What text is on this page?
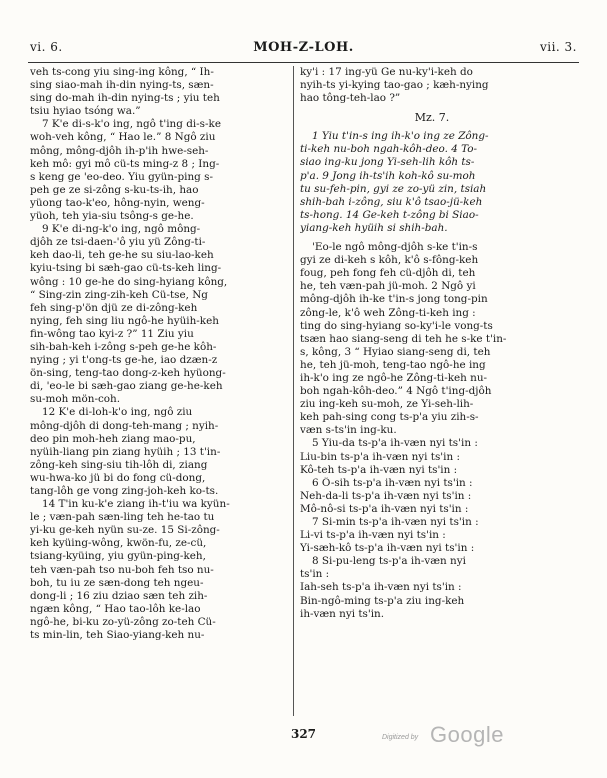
vi. 6.	MOH-Z-LOH.	vii. 3.
veh ts-cong yiu sing-ing kông, “ Ih-
sing siao-mah ih-din nying-ts, sæn-
sing do-mah ih-din nying-ts ; yiu teh
tsiu hyiao tsóng wa.”
7 K'e di-s-k'o ing, ngô t'ing di-s-ke
woh-veh kông, “ Hao le.” 8 Ngô ziu
mông, mông-djôh ih-p'ih hwe-seh-
keh mô: gyi mô cü-ts ming-z 8 ; Ing-
s keng ge 'eo-deo. Yiu gyün-ping s-
peh ge ze si-zông s-ku-ts-ih, hao
yüong tao-k'eo, hông-nyin, weng-
yüoh, teh yia-siu tsông-s ge-he.
9 K'e di-ng-k'o ing, ngô mông-
djôh ze tsi-daen-'ô yiu yü Zông-ti-
keh dao-li, teh ge-he su siu-lao-keh
kyiu-tsing bi sæh-gao cü-ts-keh ling-
wông : 10 ge-he do sing-hyiang kông,
“ Sing-zin zing-zih-keh Cü-tse, Ng
feh sing-p'ön djü ze di-zông-keh
nying, feh sing liu ngô-he hyüih-keh
fin-wông tao kyi-z ?” 11 Ziu yiu
sih-bah-keh i-zông s-peh ge-he kôh-
nying ; yi t'ong-ts ge-he, iao dzæn-z
ön-sing, teng-tao dong-z-keh hyüong-
di, 'eo-le bi sæh-gao ziang ge-he-keh
su-moh mön-coh.
12 K'e di-loh-k'o ing, ngô ziu
mông-djôh di dong-teh-mang ; nyih-
deo pin moh-heh ziang mao-pu,
nyüih-liang pin ziang hyüih ; 13 t'in-
zông-keh sing-siu tih-lôh di, ziang
wu-hwa-ko jü bi do fong cü-dong,
tang-lôh ge vong zing-joh-keh ko-ts.
14 T'in ku-k'e ziang ih-t'iu wa kyün-
le ; væn-pah sæn-ling teh he-tao tu
yi-ku ge-keh nyün su-ze. 15 Si-zông-
keh kyüing-wông, kwön-fu, ze-cü,
tsiang-kyüing, yiu gyün-ping-keh,
teh væn-pah tso nu-boh feh tso nu-
boh, tu iu ze sæn-dong teh ngeu-
dong-li ; 16 ziu dziao sæn teh zih-
ngæn kông, “ Hao tao-lôh ke-lao
ngô-he, bi-ku zo-yü-zông zo-teh Cü-
ts min-lin, teh Siao-yiang-keh nu-
ky'i : 17 ing-yü Ge nu-ky'i-keh do
nyih-ts yi-kying tao-gao ; kæh-nying
hao tông-teh-lao ?”
Mz. 7.
1 Yiu t'in-s ing ih-k'o ing ze Zông-
ti-keh nu-boh ngah-kôh-deo. 4 To-
siao ing-ku jong Yi-seh-lih kôh ts-
p'a. 9 Jong ih-ts'ih koh-kô su-moh
tu su-feh-pin, gyi ze zo-yü zin, tsiah
shih-bah i-zông, siu k'ô tsao-jü-keh
ts-hong. 14 Ge-keh t-zông bi Siao-
yiang-keh hyüih si shih-bah.
'Eo-le ngô mông-djôh s-ke t'in-s
gyi ze di-keh s kôh, k'ô s-fông-keh
foug, peh fong feh cü-djôh di, teh
he, teh væn-pah jü-moh. 2 Ngô yi
mông-djôh ih-ke t'in-s jong tong-pin
zông-le, k'ô weh Zông-ti-keh ing :
ting do sing-hyiang so-ky'i-le vong-ts
tsæn hao siang-seng di teh he s-ke t'in-
s, kông, 3 “ Hyiao siang-seng di, teh
he, teh jü-moh, teng-tao ngô-he ing
ih-k'o ing ze ngô-he Zông-ti-keh nu-
boh ngah-kôh-deo.” 4 Ngô t'ing-djôh
ziu ing-keh su-moh, ze Yi-seh-lih-
keh pah-sing cong ts-p'a yiu zih-s-
væn s-ts'in ing-ku.
5 Yiu-da ts-p'a ih-væn nyi ts'in :
Liu-bin ts-p'a ih-væn nyi ts'in :
Kô-teh ts-p'a ih-væn nyi ts'in :
6 Ô-sih ts-p'a ih-væn nyi ts'in :
Neh-da-li ts-p'a ih-væn nyi ts'in :
Mô-nô-si ts-p'a ih-væn nyi ts'in :
7 Si-min ts-p'a ih-væn nyi ts'in :
Li-vi ts-p'a ih-væn nyi ts'in :
Yi-sæh-kô ts-p'a ih-væn nyi ts'in :
8 Si-pu-leng ts-p'a ih-væn nyi
ts'in :
Iah-seh ts-p'a ih-væn nyi ts'in :
Bin-ngô-ming ts-p'a ziu ing-keh
ih-væn nyi ts'in.
327	Digitized by Google
